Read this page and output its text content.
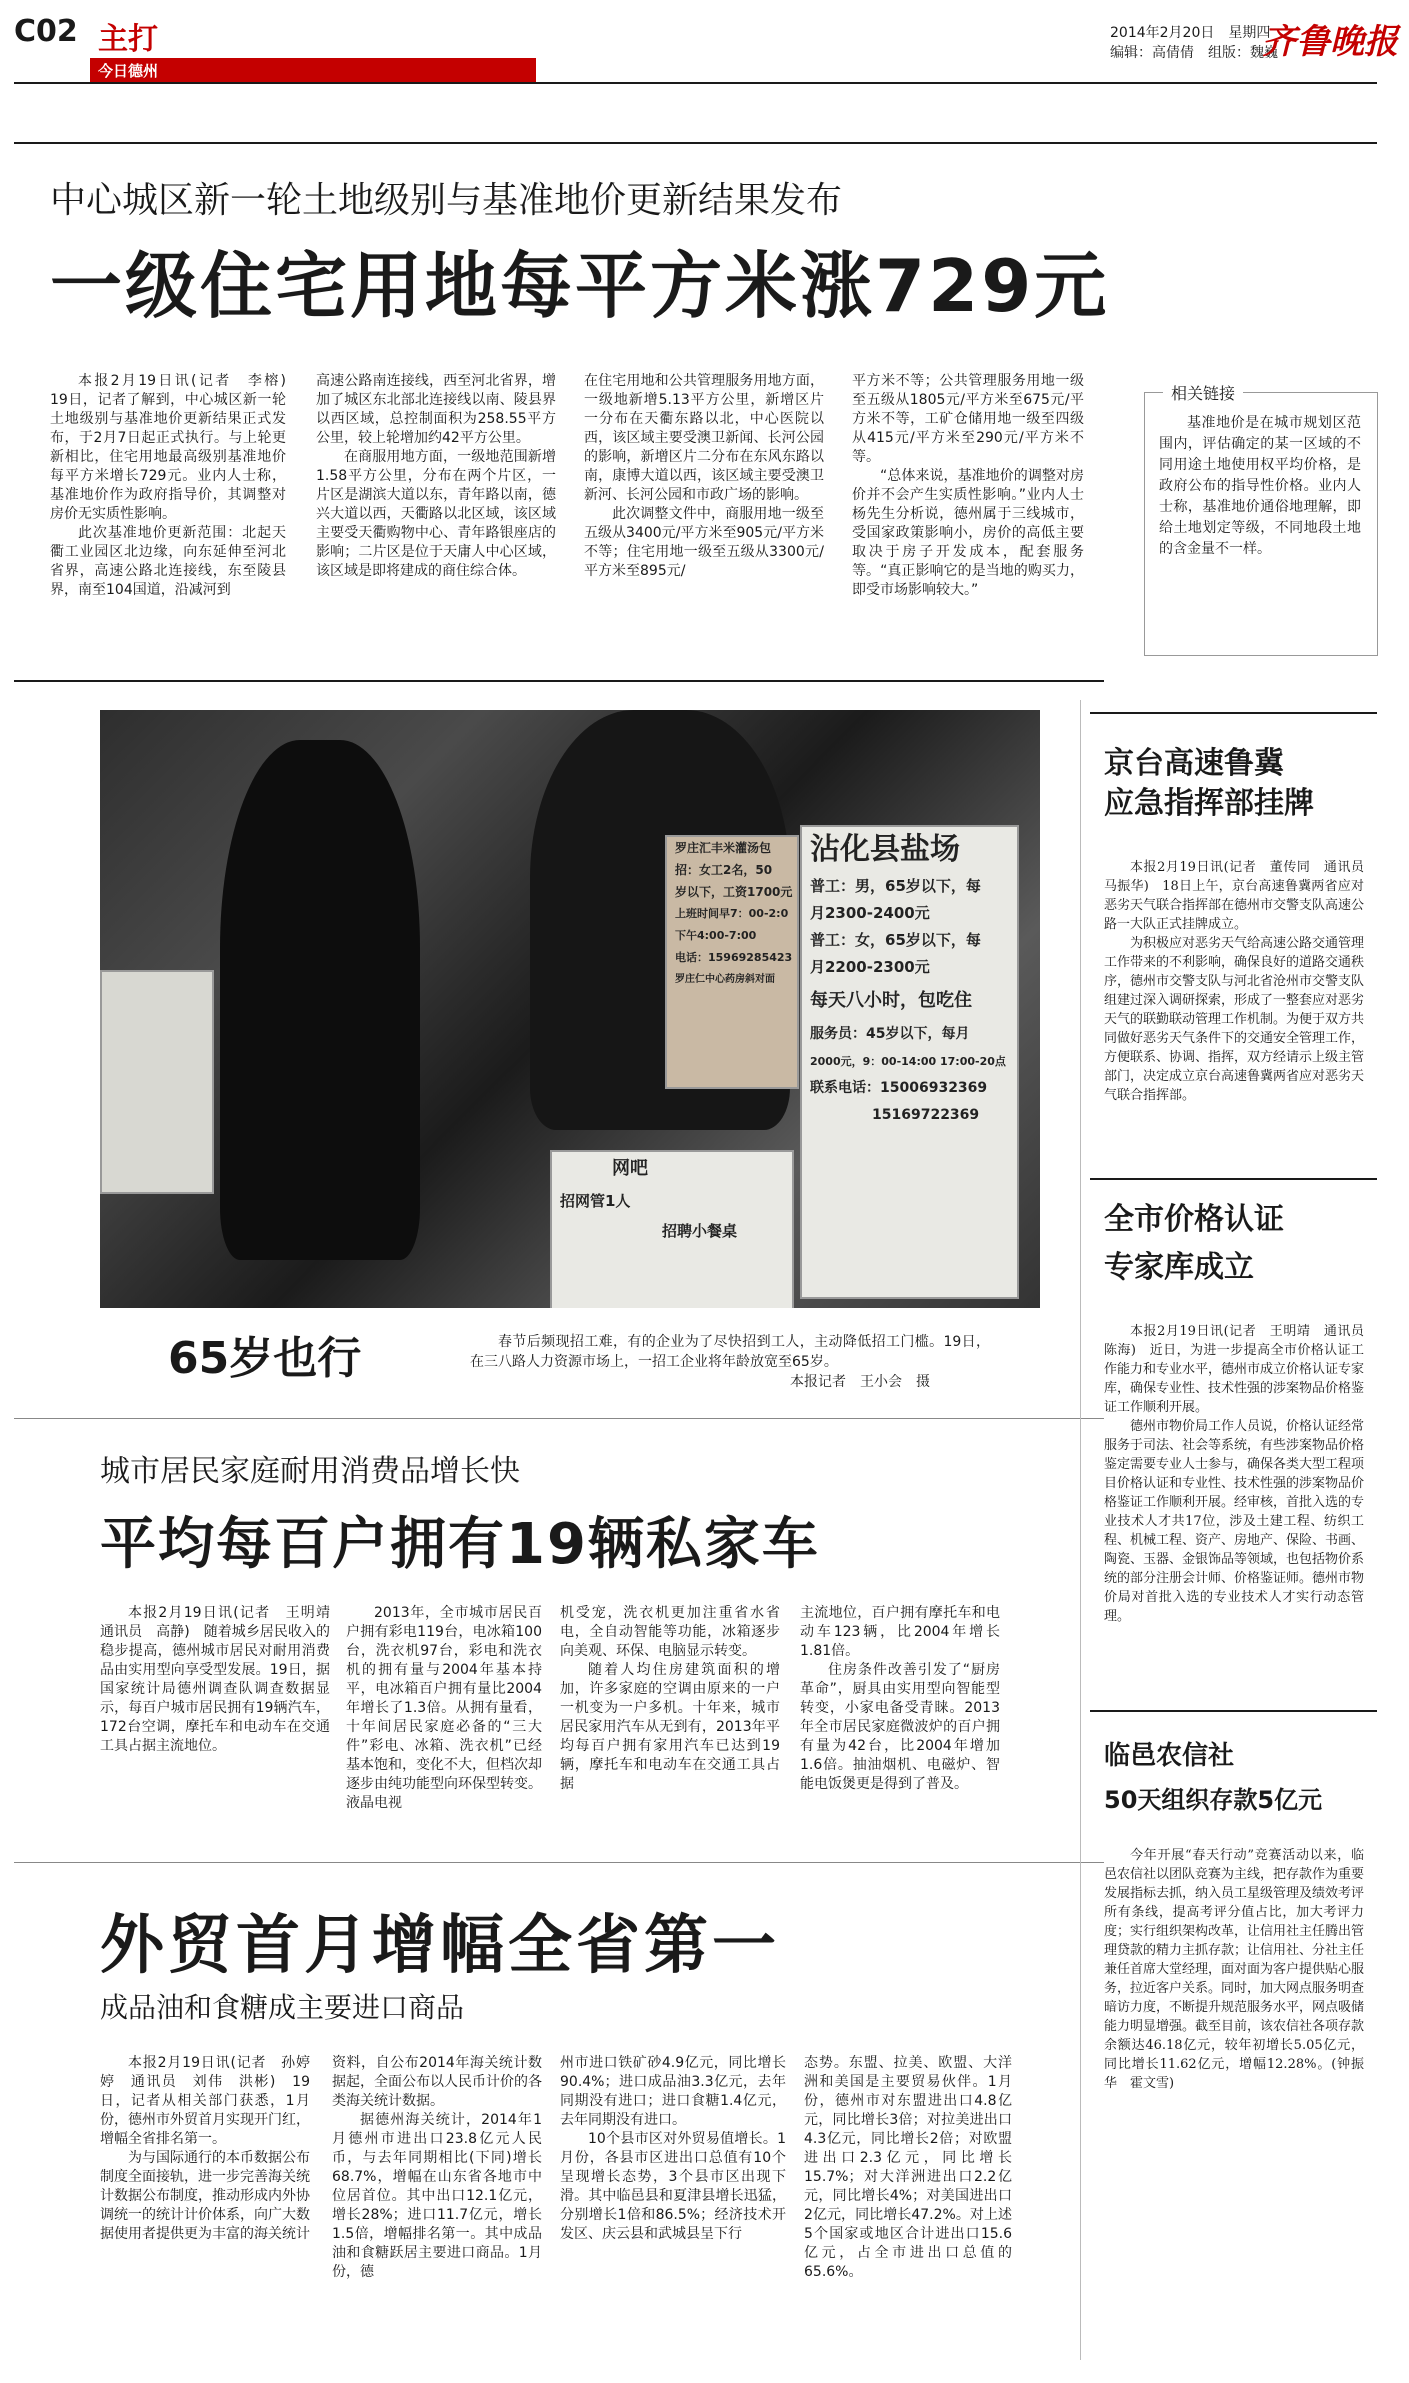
C02 主打
今日德州
2014年2月20日　星期四
编辑：高倩倩　组版：魏巍
齐鲁晚报
中心城区新一轮土地级别与基准地价更新结果发布
一级住宅用地每平方米涨729元

本报2月19日讯(记者　李榕)　19日，记者了解到，中心城区新一轮土地级别与基准地价更新结果正式发布，于2月7日起正式执行。与上轮更新相比，住宅用地最高级别基准地价每平方米增长729元。业内人士称，基准地价作为政府指导价，其调整对房价无实质性影响。

此次基准地价更新范围：北起天衢工业园区北边缘，向东延伸至河北省界，高速公路北连接线，东至陵县界，南至104国道，沿减河到

高速公路南连接线，西至河北省界，增加了城区东北部北连接线以南、陵县界以西区域，总控制面积为258.55平方公里，较上轮增加约42平方公里。

在商服用地方面，一级地范围新增1.58平方公里，分布在两个片区，一片区是湖滨大道以东，青年路以南，德兴大道以西，天衢路以北区域，该区域主要受天衢购物中心、青年路银座店的影响；二片区是位于天庸人中心区域，该区域是即将建成的商住综合体。

在住宅用地和公共管理服务用地方面，一级地新增5.13平方公里，新增区片一分布在天衢东路以北，中心医院以西，该区域主要受澳卫新闻、长河公园的影响，新增区片二分布在东风东路以南，康博大道以西，该区域主要受澳卫新河、长河公园和市政广场的影响。

此次调整文件中，商服用地一级至五级从3400元/平方米至905元/平方米不等；住宅用地一级至五级从3300元/平方米至895元/

平方米不等；公共管理服务用地一级至五级从1805元/平方米至675元/平方米不等，工矿仓储用地一级至四级从415元/平方米至290元/平方米不等。

“总体来说，基准地价的调整对房价并不会产生实质性影响。”业内人士杨先生分析说，德州属于三线城市，受国家政策影响小，房价的高低主要取决于房子开发成本，配套服务等。“真正影响它的是当地的购买力，即受市场影响较大。”

相关链接

基准地价是在城市规划区范围内，评估确定的某一区域的不同用途土地使用权平均价格，是政府公布的指导性价格。业内人士称，基准地价通俗地理解，即给土地划定等级，不同地段土地的含金量不一样。

罗庄汇丰米灌汤包
招：女工2名，50
岁以下，工资1700元
上班时间早7：00-2:0
下午4:00-7:00
电话：15969285423
罗庄仁中心药房斜对面
沾化县盐场
普工：男，65岁以下，每
月2300-2400元
普工：女，65岁以下，每
月2200-2300元
每天八小时，包吃住
服务员：45岁以下，每月
2000元，9：00-14:00 17:00-20点
联系电话：15006932369
15169722369
网吧
招网管1人
招聘小餐桌
65岁也行	春节后频现招工难，有的企业为了尽快招到工人，主动降低招工门槛。19日，在三八路人力资源市场上，一招工企业将年龄放宽至65岁。

本报记者　王小会　摄
城市居民家庭耐用消费品增长快
平均每百户拥有19辆私家车

本报2月19日讯(记者　王明靖　通讯员　高静)　随着城乡居民收入的稳步提高，德州城市居民对耐用消费品由实用型向享受型发展。19日，据国家统计局德州调查队调查数据显示，每百户城市居民拥有19辆汽车，172台空调，摩托车和电动车在交通工具占据主流地位。

2013年，全市城市居民百户拥有彩电119台，电冰箱100台，洗衣机97台，彩电和洗衣机的拥有量与2004年基本持平，电冰箱百户拥有量比2004年增长了1.3倍。从拥有量看，十年间居民家庭必备的“三大件”彩电、冰箱、洗衣机”已经基本饱和，变化不大，但档次却逐步由纯功能型向环保型转变。液晶电视

机受宠，洗衣机更加注重省水省电，全自动智能等功能，冰箱逐步向美观、环保、电脑显示转变。

随着人均住房建筑面积的增加，许多家庭的空调由原来的一户一机变为一户多机。十年来，城市居民家用汽车从无到有，2013年平均每百户拥有家用汽车已达到19辆，摩托车和电动车在交通工具占据

主流地位，百户拥有摩托车和电动车123辆，比2004年增长1.81倍。

住房条件改善引发了“厨房革命”，厨具由实用型向智能型转变，小家电备受青睐。2013年全市居民家庭微波炉的百户拥有量为42台，比2004年增加1.6倍。抽油烟机、电磁炉、智能电饭煲更是得到了普及。

外贸首月增幅全省第一
成品油和食糖成主要进口商品

本报2月19日讯(记者　孙婷婷　通讯员　刘伟　洪彬)　19日，记者从相关部门获悉，1月份，德州市外贸首月实现开门红，增幅全省排名第一。

为与国际通行的本币数据公布制度全面接轨，进一步完善海关统计数据公布制度，推动形成内外协调统一的统计计价体系，向广大数据使用者提供更为丰富的海关统计

资料，自公布2014年海关统计数据起，全面公布以人民币计价的各类海关统计数据。

据德州海关统计，2014年1月德州市进出口23.8亿元人民币，与去年同期相比(下同)增长68.7%，增幅在山东省各地市中位居首位。其中出口12.1亿元，增长28%；进口11.7亿元，增长1.5倍，增幅排名第一。其中成品油和食糖跃居主要进口商品。1月份，德

州市进口铁矿砂4.9亿元，同比增长90.4%；进口成品油3.3亿元，去年同期没有进口；进口食糖1.4亿元，去年同期没有进口。

10个县市区对外贸易值增长。1月份，各县市区进出口总值有10个呈现增长态势，3个县市区出现下滑。其中临邑县和夏津县增长迅猛，分别增长1倍和86.5%；经济技术开发区、庆云县和武城县呈下行

态势。东盟、拉美、欧盟、大洋洲和美国是主要贸易伙伴。1月份，德州市对东盟进出口4.8亿元，同比增长3倍；对拉美进出口4.3亿元，同比增长2倍；对欧盟进出口2.3亿元，同比增长15.7%；对大洋洲进出口2.2亿元，同比增长4%；对美国进出口2亿元，同比增长47.2%。对上述5个国家或地区合计进出口15.6亿元，占全市进出口总值的65.6%。

京台高速鲁冀
应急指挥部挂牌

本报2月19日讯(记者　董传同　通讯员　马振华)　18日上午，京台高速鲁冀两省应对恶劣天气联合指挥部在德州市交警支队高速公路一大队正式挂牌成立。

为积极应对恶劣天气给高速公路交通管理工作带来的不利影响，确保良好的道路交通秩序，德州市交警支队与河北省沧州市交警支队组建过深入调研探索，形成了一整套应对恶劣天气的联勤联动管理工作机制。为便于双方共同做好恶劣天气条件下的交通安全管理工作，方便联系、协调、指挥，双方经请示上级主管部门，决定成立京台高速鲁冀两省应对恶劣天气联合指挥部。

全市价格认证
专家库成立

本报2月19日讯(记者　王明靖　通讯员　陈海)　近日，为进一步提高全市价格认证工作能力和专业水平，德州市成立价格认证专家库，确保专业性、技术性强的涉案物品价格鉴证工作顺利开展。

德州市物价局工作人员说，价格认证经常服务于司法、社会等系统，有些涉案物品价格鉴定需要专业人士参与，确保各类大型工程项目价格认证和专业性、技术性强的涉案物品价格鉴证工作顺利开展。经审核，首批入选的专业技术人才共17位，涉及土建工程、纺织工程、机械工程、资产、房地产、保险、书画、陶瓷、玉器、金银饰品等领域，也包括物价系统的部分注册会计师、价格鉴证师。德州市物价局对首批入选的专业技术人才实行动态管理。

临邑农信社
50天组织存款5亿元

今年开展“春天行动”竞赛活动以来，临邑农信社以团队竞赛为主线，把存款作为重要发展指标去抓，纳入员工星级管理及绩效考评所有条线，提高考评分值占比，加大考评力度；实行组织架构改革，让信用社主任腾出管理贷款的精力主抓存款；让信用社、分社主任兼任首席大堂经理，面对面为客户提供贴心服务，拉近客户关系。同时，加大网点服务明查暗访力度，不断提升规范服务水平，网点吸储能力明显增强。截至目前，该农信社各项存款余额达46.18亿元，较年初增长5.05亿元，同比增长11.62亿元，增幅12.28%。(钟振华　霍文雪)
